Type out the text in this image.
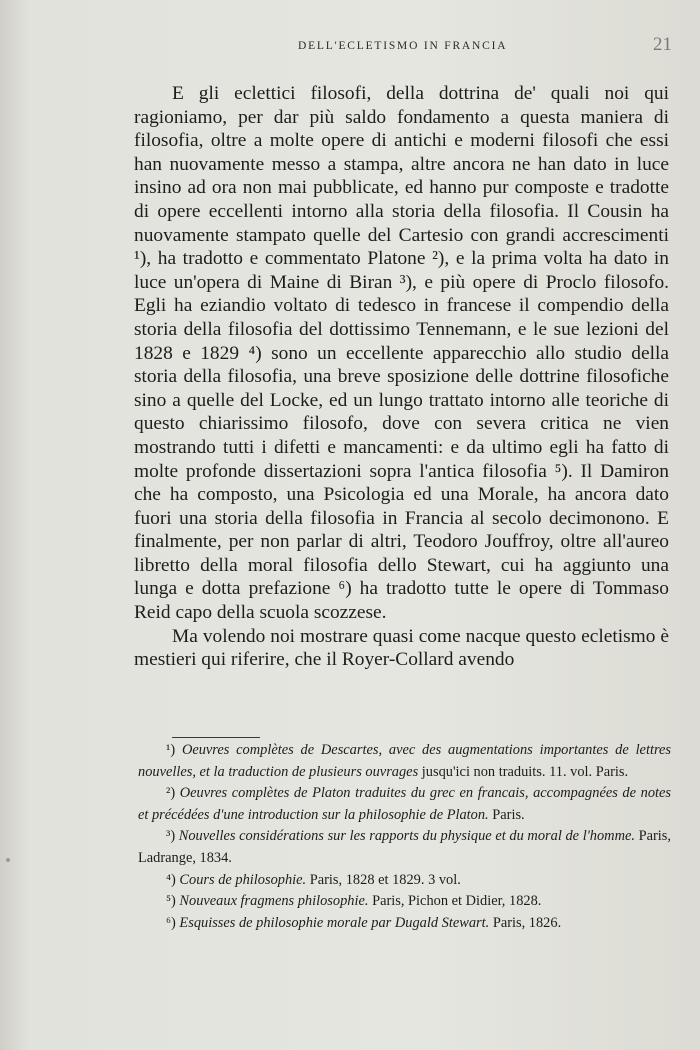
DELL'ECLETISMO IN FRANCIA	21

E gli eclettici filosofi, della dottrina de' quali noi qui ragioniamo, per dar più saldo fondamento a questa maniera di filosofia, oltre a molte opere di antichi e moderni filosofi che essi han nuovamente messo a stampa, altre ancora ne han dato in luce insino ad ora non mai pubblicate, ed hanno pur composte e tradotte di opere eccellenti intorno alla storia della filosofia. Il Cousin ha nuovamente stampato quelle del Cartesio con grandi accrescimenti ¹), ha tradotto e commentato Platone ²), e la prima volta ha dato in luce un'opera di Maine di Biran ³), e più opere di Proclo filosofo. Egli ha eziandio voltato di tedesco in francese il compendio della storia della filosofia del dottissimo Tennemann, e le sue lezioni del 1828 e 1829 ⁴) sono un eccellente apparecchio allo studio della storia della filosofia, una breve sposizione delle dottrine filosofiche sino a quelle del Locke, ed un lungo trattato intorno alle teoriche di questo chiarissimo filosofo, dove con severa critica ne vien mostrando tutti i difetti e mancamenti: e da ultimo egli ha fatto di molte profonde dissertazioni sopra l'antica filosofia ⁵). Il Damiron che ha composto, una Psicologia ed una Morale, ha ancora dato fuori una storia della filosofia in Francia al secolo decimonono. E finalmente, per non parlar di altri, Teodoro Jouffroy, oltre all'aureo libretto della moral filosofia dello Stewart, cui ha aggiunto una lunga e dotta prefazione ⁶) ha tradotto tutte le opere di Tommaso Reid capo della scuola scozzese.

Ma volendo noi mostrare quasi come nacque questo ecletismo è mestieri qui riferire, che il Royer-Collard avendo

¹) Oeuvres complètes de Descartes, avec des augmentations importantes de lettres nouvelles, et la traduction de plusieurs ouvrages jusqu'ici non traduits. 11. vol. Paris.

²) Oeuvres complètes de Platon traduites du grec en francais, accompagnées de notes et précédées d'une introduction sur la philosophie de Platon. Paris.

³) Nouvelles considérations sur les rapports du physique et du moral de l'homme. Paris, Ladrange, 1834.

⁴) Cours de philosophie. Paris, 1828 et 1829. 3 vol.

⁵) Nouveaux fragmens philosophie. Paris, Pichon et Didier, 1828.

⁶) Esquisses de philosophie morale par Dugald Stewart. Paris, 1826.
